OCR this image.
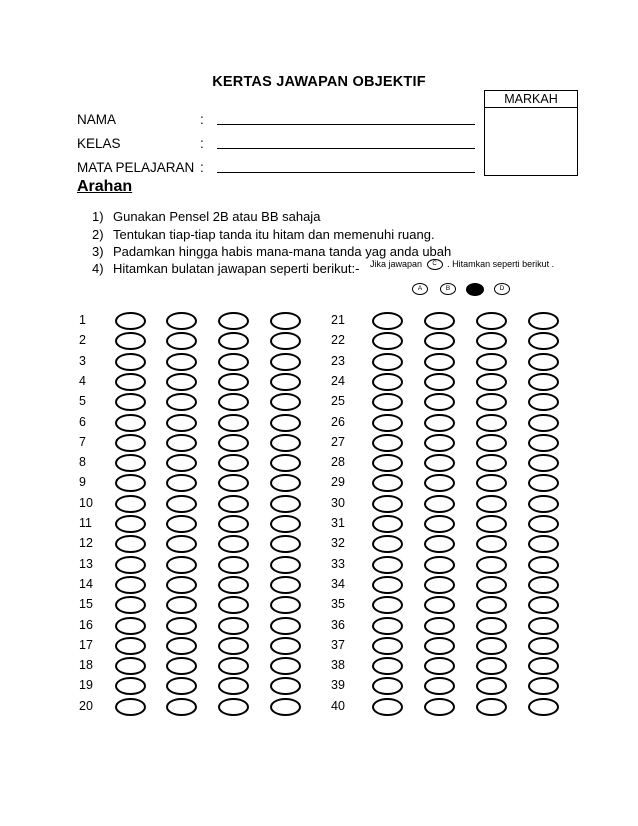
KERTAS JAWAPAN OBJEKTIF
NAMA	:
KELAS	:
MATA PELAJARAN :
MARKAH
Arahan
1) Gunakan Pensel 2B atau BB sahaja
2) Tentukan tiap-tiap tanda itu hitam dan memenuhi ruang.
3) Padamkan hingga habis mana-mana tanda yag anda ubah
4) Hitamkan bulatan jawapan seperti berikut:- Jika jawapan C . Hitamkan seperti berikut .
A	B	D
1
2
3
4
5
6
7
8
9
10
11
12
13
14
15
16
17
18
19
20
21
22
23
24
25
26
27
28
29
30
31
32
33
34
35
36
37
38
39
40
